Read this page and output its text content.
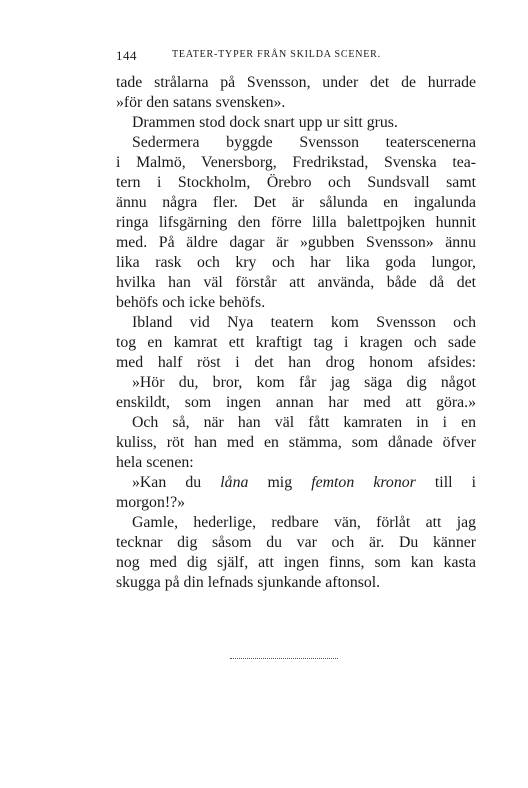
144	TEATER-TYPER FRÅN SKILDA SCENER.
tade strålarna på Svensson, under det de hurrade
»för den satans svensken».
Drammen stod dock snart upp ur sitt grus.
Sedermera byggde Svensson teaterscenerna
i Malmö, Venersborg, Fredrikstad, Svenska tea-
tern i Stockholm, Örebro och Sundsvall samt
ännu några fler. Det är sålunda en ingalunda
ringa lifsgärning den förre lilla balettpojken hunnit
med. På äldre dagar är »gubben Svensson» ännu
lika rask och kry och har lika goda lungor,
hvilka han väl förstår att använda, både då det
behöfs och icke behöfs.
Ibland vid Nya teatern kom Svensson och
tog en kamrat ett kraftigt tag i kragen och sade
med half röst i det han drog honom afsides:
»Hör du, bror, kom får jag säga dig något
enskildt, som ingen annan har med att göra.»
Och så, när han väl fått kamraten in i en
kuliss, röt han med en stämma, som dånade öfver
hela scenen:
»Kan du låna mig femton kronor till i
morgon!?»
Gamle, hederlige, redbare vän, förlåt att jag
tecknar dig såsom du var och är. Du känner
nog med dig själf, att ingen finns, som kan kasta
skugga på din lefnads sjunkande aftonsol.
